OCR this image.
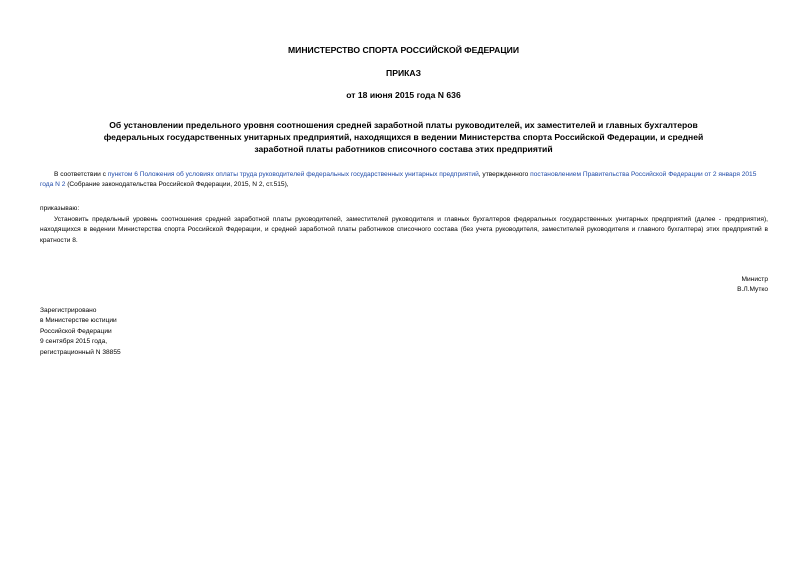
МИНИСТЕРСТВО СПОРТА РОССИЙСКОЙ ФЕДЕРАЦИИ
ПРИКАЗ
от 18 июня 2015 года N 636
Об установлении предельного уровня соотношения средней заработной платы руководителей, их заместителей и главных бухгалтеров федеральных государственных унитарных предприятий, находящихся в ведении Министерства спорта Российской Федерации, и средней заработной платы работников списочного состава этих предприятий
В соответствии с пунктом 6 Положения об условиях оплаты труда руководителей федеральных государственных унитарных предприятий, утвержденного постановлением Правительства Российской Федерации от 2 января 2015 года N 2 (Собрание законодательства Российской Федерации, 2015, N 2, ст.515),
приказываю:
Установить предельный уровень соотношения средней заработной платы руководителей, заместителей руководителя и главных бухгалтеров федеральных государственных унитарных предприятий (далее - предприятия), находящихся в ведении Министерства спорта Российской Федерации, и средней заработной платы работников списочного состава (без учета руководителя, заместителей руководителя и главного бухгалтера) этих предприятий в кратности 8.
Министр
В.Л.Мутко
Зарегистрировано
в Министерстве юстиции
Российской Федерации
9 сентября 2015 года,
регистрационный N 38855
